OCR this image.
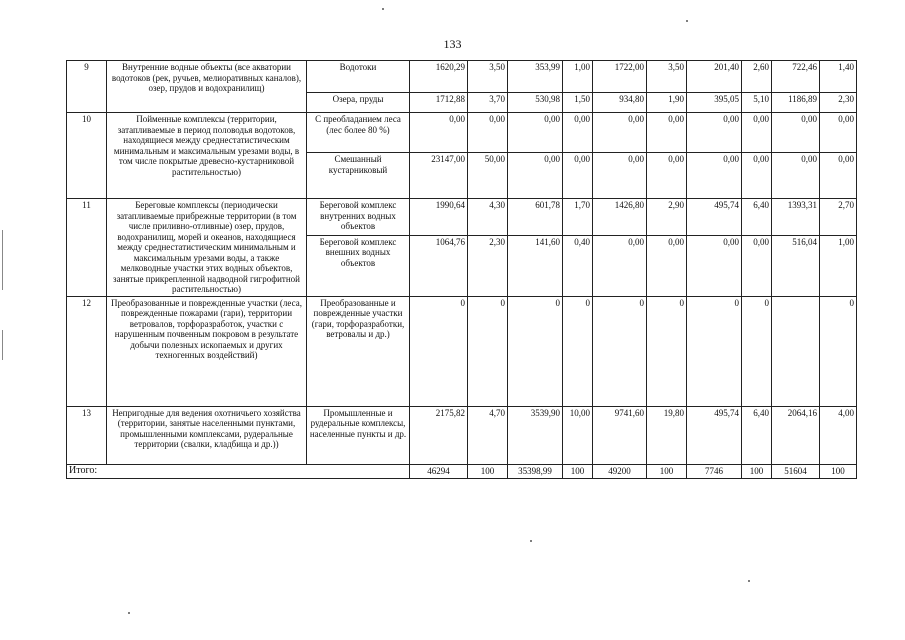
133
9	Внутренние водные объекты (все акватории водотоков (рек, ручьев, мелиоративных каналов), озер, прудов и водохранилищ)	Водотоки	1620,29	3,50	353,99	1,00	1722,00	3,50	201,40	2,60	722,46	1,40
		Озера, пруды	1712,88	3,70	530,98	1,50	934,80	1,90	395,05	5,10	1186,89	2,30
10	Пойменные комплексы (территории, затапливаемые в период половодья водотоков, находящиеся между среднестатистическим минимальным и максимальным урезами воды, в том числе покрытые древесно-кустарниковой растительностью)	С преобладанием леса (лес более 80 %)	0,00	0,00	0,00	0,00	0,00	0,00	0,00	0,00	0,00	0,00
		Смешанный кустарниковый	23147,00	50,00	0,00	0,00	0,00	0,00	0,00	0,00	0,00	0,00
11	Береговые комплексы (периодически затапливаемые прибрежные территории (в том числе приливно-отливные) озер, прудов, водохранилищ, морей и океанов, находящиеся между среднестатистическим минимальным и максимальным урезами воды, а также мелководные участки этих водных объектов, занятые прикрепленной надводной гигрофитной растительностью)	Береговой комплекс внутренних водных объектов	1990,64	4,30	601,78	1,70	1426,80	2,90	495,74	6,40	1393,31	2,70
		Береговой комплекс внешних водных объектов	1064,76	2,30	141,60	0,40	0,00	0,00	0,00	0,00	516,04	1,00
12	Преобразованные и поврежденные участки (леса, поврежденные пожарами (гари), территории ветровалов, торфоразработок, участки с нарушенным почвенным покровом в результате добычи полезных ископаемых и других техногенных воздействий)	Преобразованные и поврежденные участки (гари, торфоразработки, ветровалы и др.)	0	0	0	0	0	0	0	0		0
13	Непригодные для ведения охотничьего хозяйства (территории, занятые населенными пунктами, промышленными комплексами, рудеральные территории (свалки, кладбища и др.))	Промышленные и рудеральные комплексы, населенные пункты и др.	2175,82	4,70	3539,90	10,00	9741,60	19,80	495,74	6,40	2064,16	4,00
Итого:			46294	100	35398,99	100	49200	100	7746	100	51604	100
